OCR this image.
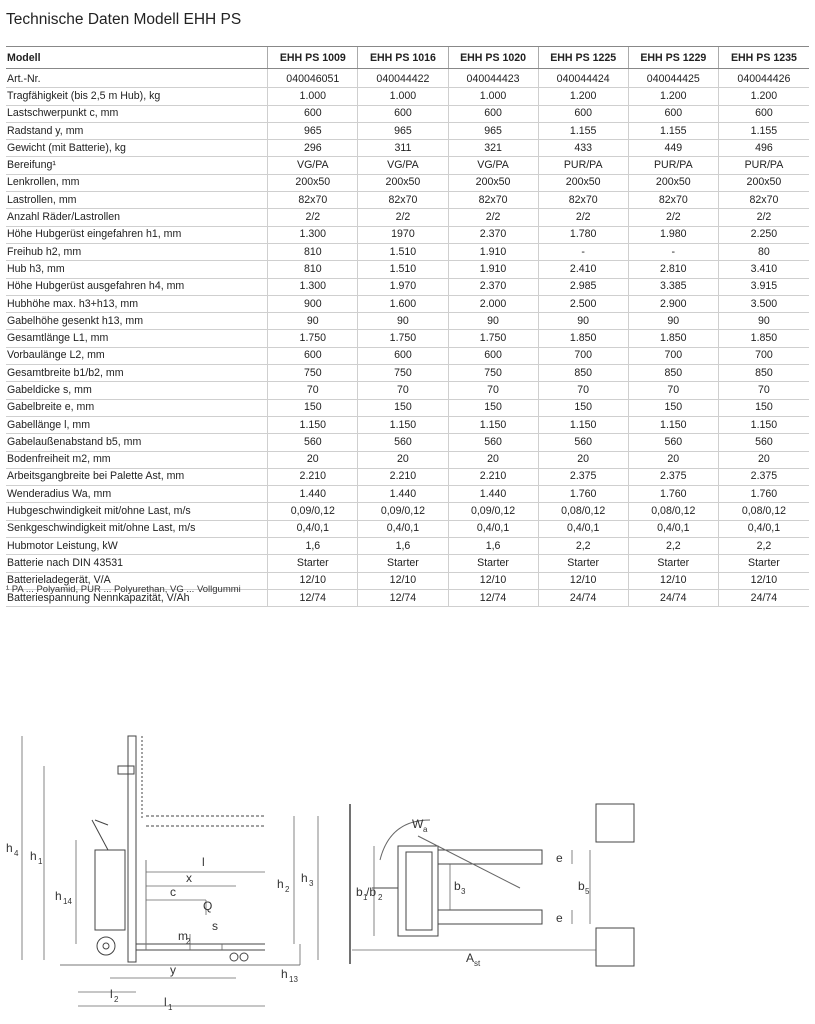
Technische Daten Modell EHH PS
Modell	EHH PS 1009	EHH PS 1016	EHH PS 1020	EHH PS 1225	EHH PS 1229	EHH PS 1235
Art.-Nr.	040046051	040044422	040044423	040044424	040044425	040044426
Tragfähigkeit (bis 2,5 m Hub), kg	1.000	1.000	1.000	1.200	1.200	1.200
Lastschwerpunkt c, mm	600	600	600	600	600	600
Radstand y, mm	965	965	965	1.155	1.155	1.155
Gewicht (mit Batterie), kg	296	311	321	433	449	496
Bereifung¹	VG/PA	VG/PA	VG/PA	PUR/PA	PUR/PA	PUR/PA
Lenkrollen, mm	200x50	200x50	200x50	200x50	200x50	200x50
Lastrollen, mm	82x70	82x70	82x70	82x70	82x70	82x70
Anzahl Räder/Lastrollen	2/2	2/2	2/2	2/2	2/2	2/2
Höhe Hubgerüst eingefahren h1, mm	1.300	1970	2.370	1.780	1.980	2.250
Freihub h2, mm	810	1.510	1.910	-	-	80
Hub h3, mm	810	1.510	1.910	2.410	2.810	3.410
Höhe Hubgerüst ausgefahren h4, mm	1.300	1.970	2.370	2.985	3.385	3.915
Hubhöhe max. h3+h13, mm	900	1.600	2.000	2.500	2.900	3.500
Gabelhöhe gesenkt h13, mm	90	90	90	90	90	90
Gesamtlänge L1, mm	1.750	1.750	1.750	1.850	1.850	1.850
Vorbaulänge L2, mm	600	600	600	700	700	700
Gesamtbreite b1/b2, mm	750	750	750	850	850	850
Gabeldicke s, mm	70	70	70	70	70	70
Gabelbreite e, mm	150	150	150	150	150	150
Gabellänge l, mm	1.150	1.150	1.150	1.150	1.150	1.150
Gabelaußenabstand b5, mm	560	560	560	560	560	560
Bodenfreiheit m2, mm	20	20	20	20	20	20
Arbeitsgangbreite bei Palette Ast, mm	2.210	2.210	2.210	2.375	2.375	2.375
Wenderadius Wa, mm	1.440	1.440	1.440	1.760	1.760	1.760
Hubgeschwindigkeit mit/ohne Last, m/s	0,09/0,12	0,09/0,12	0,09/0,12	0,08/0,12	0,08/0,12	0,08/0,12
Senkgeschwindigkeit mit/ohne Last, m/s	0,4/0,1	0,4/0,1	0,4/0,1	0,4/0,1	0,4/0,1	0,4/0,1
Hubmotor Leistung, kW	1,6	1,6	1,6	2,2	2,2	2,2
Batterie nach DIN 43531	Starter	Starter	Starter	Starter	Starter	Starter
Batterieladegerät, V/A	12/10	12/10	12/10	12/10	12/10	12/10
Batteriespannung Nennkapazität, V/Ah	12/74	12/74	12/74	24/74	24/74	24/74
¹ PA ... Polyamid, PUR ... Polyurethan, VG ... Vollgummi
h 4 h 1
h 14
h 2
h 3
h 13
l
x
c
Q
s
m
2
y
l 2	l 1
W a
b 1
/b 2
b 3
e
e
b 5
A st
